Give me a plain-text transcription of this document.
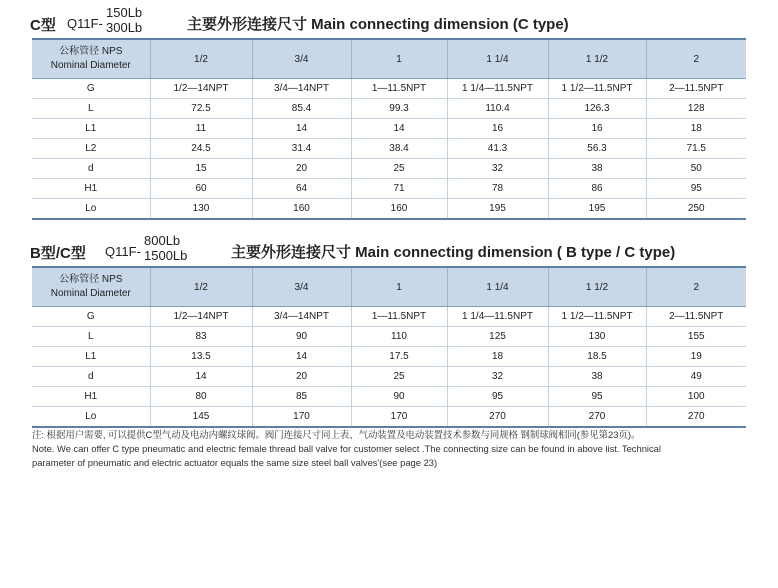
C型 Q11F-
150Lb
300Lb	主要外形连接尺寸 Main connecting dimension (C type)
公称管径 NPS
Nominal Diameter	1/2	3/4	1	1 1/4	1 1/2	2
G	1/2—14NPT	3/4—14NPT	1—11.5NPT	1 1/4—11.5NPT	1 1/2—11.5NPT	2—11.5NPT
L	72.5	85.4	99.3	110.4	126.3	128
L1	11	14	14	16	16	18
L2	24.5	31.4	38.4	41.3	56.3	71.5
d	15	20	25	32	38	50
H1	60	64	71	78	86	95
Lo	130	160	160	195	195	250
B型/C型 Q11F-
800Lb
1500Lb	主要外形连接尺寸 Main connecting dimension ( B type / C type)
公称管径 NPS
Nominal Diameter	1/2	3/4	1	1 1/4	1 1/2	2
G	1/2—14NPT	3/4—14NPT	1—11.5NPT	1 1/4—11.5NPT	1 1/2—11.5NPT	2—11.5NPT
L	83	90	110	125	130	155
L1	13.5	14	17.5	18	18.5	19
d	14	20	25	32	38	49
H1	80	85	90	95	95	100
Lo	145	170	170	270	270	270
注: 根据用户需要, 可以提供C型气动及电动内螺纹球阀。阀门连接尺寸同上表、气动装置及电动装置技术参数与同规格 钢制球阀相同(参见第23页)。
Note. We can offer C type pneumatic and electric female thread ball valve for customer select .The connecting size can be found in above list. Technical
parameter of pneumatic and electric actuator equals the same size steel ball valves'(see page 23)
